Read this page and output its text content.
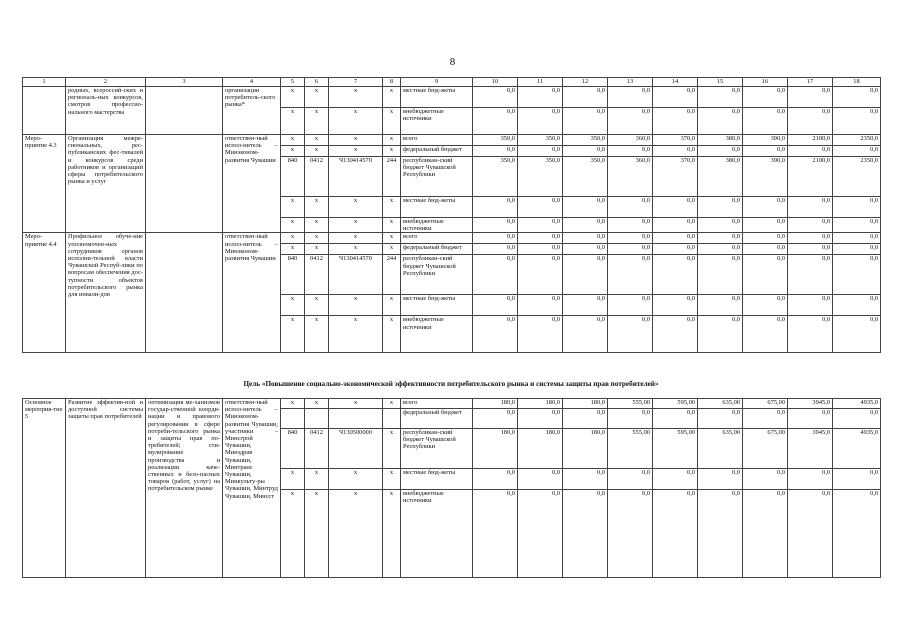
8
1	2	3	4	5	6	7	8	9	10	11	12	13	14	15	16	17	18
	родных, всероссий-ских и региональ-ных конкурсов, смотров профессио-нального мастерства		организации потребитель-ского рынка*	x	x	x	x	местные бюд-жеты	0,0	0,0	0,0	0,0	0,0	0,0	0,0	0,0	0,0
				x	x	x	x	внебюджетные источники	0,0	0,0	0,0	0,0	0,0	0,0	0,0	0,0	0,0
Меро-приятие 4.3	Организация межре-гиональных, рес-публиканских фес-тивалей и конкурсов среди работников и организаций сферы потребительского рынка и услуг		ответствен-ный испол-нитель – Минэконом-развития Чувашии	x	x	x	x	всего	350,0	350,0	350,0	360,0	370,0	380,0	390,0	2100,0	2350,0
				x	x	x	x	федеральный бюджет	0,0	0,0	0,0	0,0	0,0	0,0	0,0	0,0	0,0
				840	0412	Ч130414570	244	республикан-ский бюджет Чувашской Республики	350,0	350,0	350,0	360,0	370,0	380,0	390,0	2100,0	2350,0
				x	x	x	x	местные бюд-жеты	0,0	0,0	0,0	0,0	0,0	0,0	0,0	0,0	0,0
				x	x	x	x	внебюджетные источники	0,0	0,0	0,0	0,0	0,0	0,0	0,0	0,0	0,0
Меро-приятие 4.4	Профильное обуче-ние уполномочен-ных сотрудников органов исполни-тельной власти Чувашской Респуб-лики по вопросам обеспечения дос-тупности объектов потребительского рынка для инвали-дов		ответствен-ный испол-нитель – Минэконом-развития Чувашии	x	x	x	x	всего	0,0	0,0	0,0	0,0	0,0	0,0	0,0	0,0	0,0
				x	x	x	x	федеральный бюджет	0,0	0,0	0,0	0,0	0,0	0,0	0,0	0,0	0,0
				840	0412	Ч130414570	244	республикан-ский бюджет Чувашской Республики	0,0	0,0	0,0	0,0	0,0	0,0	0,0	0,0	0,0
				x	x	x	x	местные бюд-жеты	0,0	0,0	0,0	0,0	0,0	0,0	0,0	0,0	0,0
				x	x	x	x	внебюджетные источники	0,0	0,0	0,0	0,0	0,0	0,0	0,0	0,0	0,0
Цель «Повышение социально-экономической эффективности потребительского рынка и системы защиты прав потребителей»
Основное мероприя-тие 5	Развитие эффектив-ной и доступной системы защиты прав потребителей	оптимизация ме-ханизмов государ-ственной коорди-нации и правового регулирования в сфере потреби-тельского рынка и защиты прав по-требителей; сти-мулирование производства и реализации каче-ственных и безо-пасных товаров (работ, услуг) на потребительском рынке	ответствен-ный испол-нитель – Минэконом-развития Чувашии, участники – Минсгрой Чувашии, Минздрав Чувашии, Минтранс Чувашии, Минкульту-ры Чувашии, Минтруд Чувашии, Минсст	x	x	x	x	всего	180,0	180,0	180,0	555,00	595,00	635,00	675,00	3945,0	4935,0
								федеральный бюджет	0,0	0,0	0,0	0,0	0,0	0,0	0,0	0,0	0,0
				840	0412	Ч130500000	x	республикан-ский бюджет Чувашской Республики	180,0	180,0	180,0	555,00	595,00	635,00	675,00	3945,0	4935,0
				x	x	x	x	местные бюд-жеты	0,0	0,0	0,0	0,0	0,0	0,0	0,0	0,0	0,0
				x	x	x	x	внебюджетные источники	0,0	0,0	0,0	0,0	0,0	0,0	0,0	0,0	0,0
